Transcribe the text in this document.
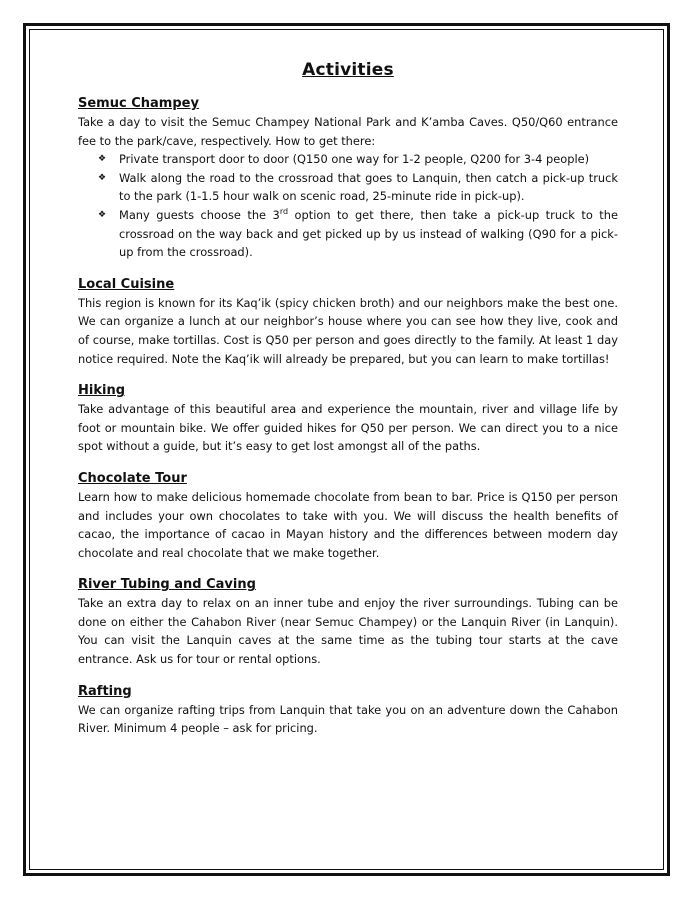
Activities
Semuc Champey

Take a day to visit the Semuc Champey National Park and K’amba Caves. Q50/Q60 entrance fee to the park/cave, respectively. How to get there:

❖ Private transport door to door (Q150 one way for 1-2 people, Q200 for 3-4 people)
❖ Walk along the road to the crossroad that goes to Lanquin, then catch a pick-up truck to the park (1-1.5 hour walk on scenic road, 25-minute ride in pick-up).
❖ Many guests choose the 3rd option to get there, then take a pick-up truck to the crossroad on the way back and get picked up by us instead of walking (Q90 for a pick-up from the crossroad).
Local Cuisine

This region is known for its Kaq’ik (spicy chicken broth) and our neighbors make the best one. We can organize a lunch at our neighbor’s house where you can see how they live, cook and of course, make tortillas. Cost is Q50 per person and goes directly to the family. At least 1 day notice required. Note the Kaq’ik will already be prepared, but you can learn to make tortillas!

Hiking

Take advantage of this beautiful area and experience the mountain, river and village life by foot or mountain bike. We offer guided hikes for Q50 per person. We can direct you to a nice spot without a guide, but it’s easy to get lost amongst all of the paths.

Chocolate Tour

Learn how to make delicious homemade chocolate from bean to bar. Price is Q150 per person and includes your own chocolates to take with you. We will discuss the health benefits of cacao, the importance of cacao in Mayan history and the differences between modern day chocolate and real chocolate that we make together.

River Tubing and Caving

Take an extra day to relax on an inner tube and enjoy the river surroundings. Tubing can be done on either the Cahabon River (near Semuc Champey) or the Lanquin River (in Lanquin). You can visit the Lanquin caves at the same time as the tubing tour starts at the cave entrance. Ask us for tour or rental options.

Rafting

We can organize rafting trips from Lanquin that take you on an adventure down the Cahabon River. Minimum 4 people – ask for pricing.
